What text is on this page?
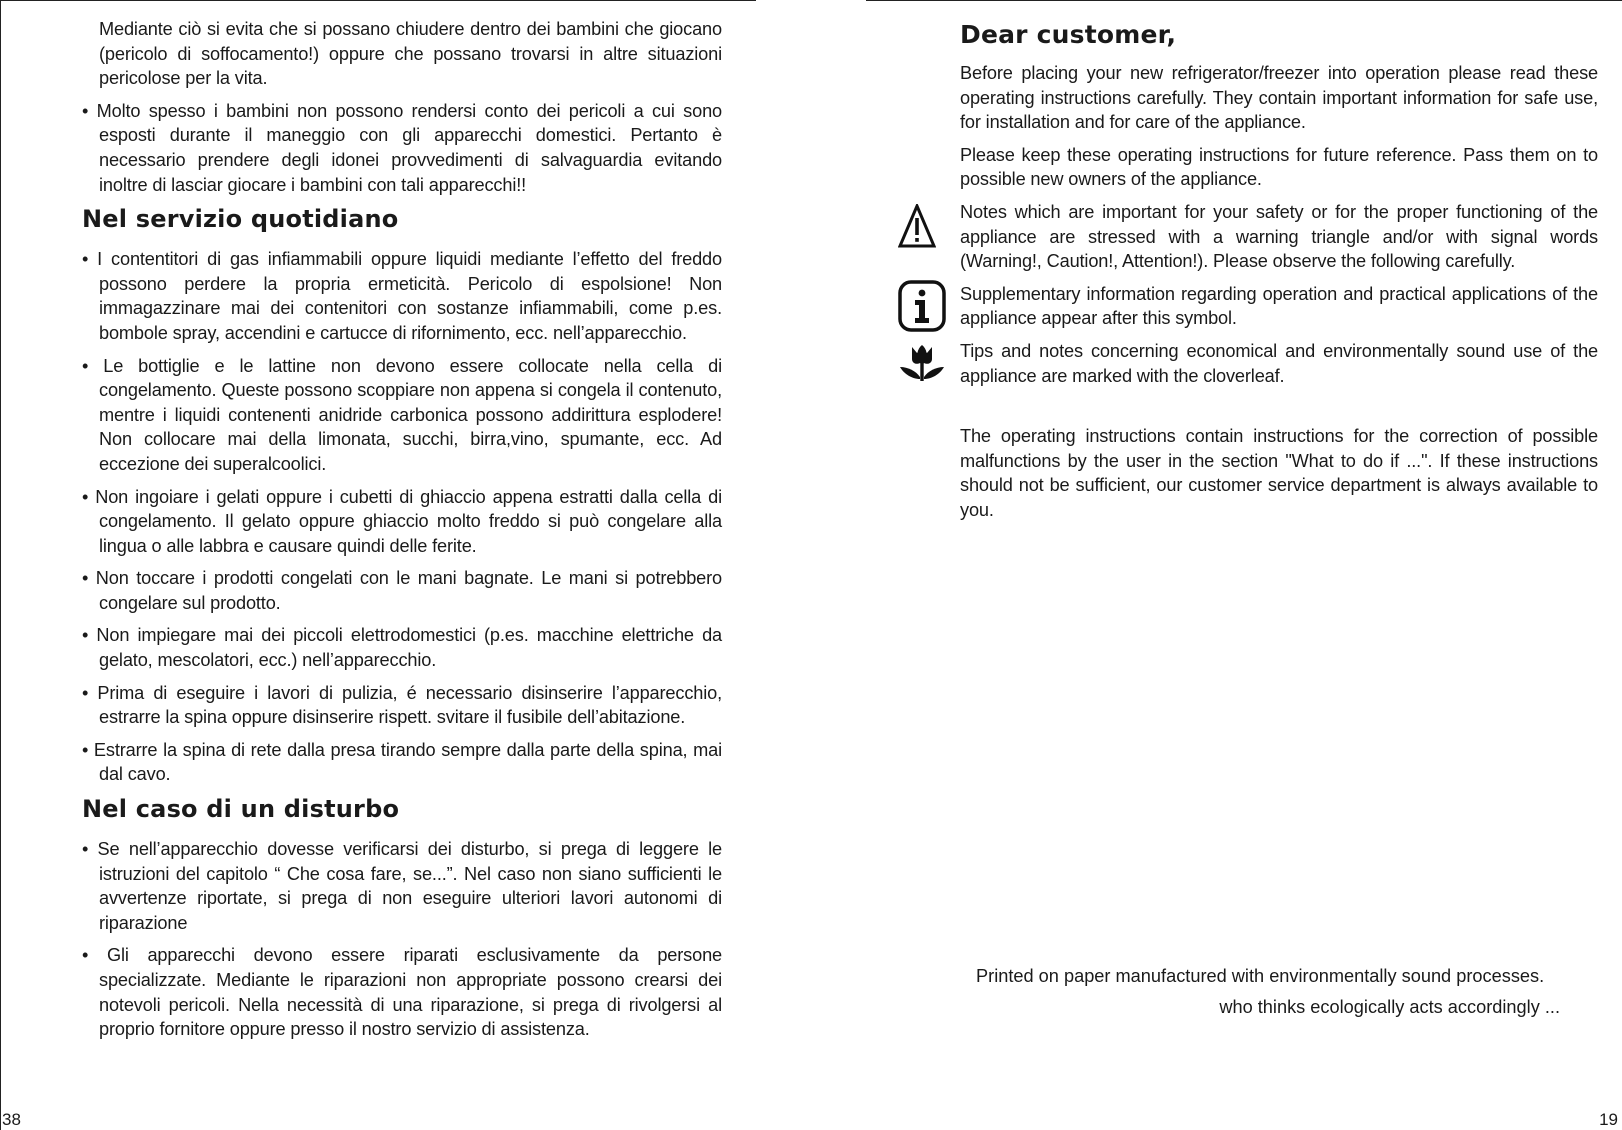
Mediante ciò si evita che si possano chiudere dentro dei bambini che giocano (pericolo di soffocamento!) oppure che possano trovarsi in altre situazioni pericolose per la vita.

• Molto spesso i bambini non possono rendersi conto dei pericoli a cui sono esposti durante il maneggio con gli apparecchi domestici. Pertanto è necessario prendere degli idonei provvedimenti di salvaguardia evitando inoltre di lasciar giocare i bambini con tali apparecchi!!

Nel servizio quotidiano

• I contentitori di gas infiammabili oppure liquidi mediante l’effetto del freddo possono perdere la propria ermeticità. Pericolo di espolsione! Non immagazzinare mai dei contenitori con sostanze infiammabili, come p.es. bombole spray, accendini e cartucce di rifornimento, ecc. nell’apparecchio.

• Le bottiglie e le lattine non devono essere collocate nella cella di congelamento. Queste possono scoppiare non appena si congela il contenuto, mentre i liquidi contenenti anidride carbonica possono addirittura esplodere! Non collocare mai della limonata, succhi, birra,vino, spumante, ecc. Ad eccezione dei superalcoolici.

• Non ingoiare i gelati oppure i cubetti di ghiaccio appena estratti dalla cella di congelamento. Il gelato oppure ghiaccio molto freddo si può congelare alla lingua o alle labbra e causare quindi delle ferite.

• Non toccare i prodotti congelati con le mani bagnate. Le mani si potrebbero congelare sul prodotto.

• Non impiegare mai dei piccoli elettrodomestici (p.es. macchine elettriche da gelato, mescolatori, ecc.) nell’apparecchio.

• Prima di eseguire i lavori di pulizia, é necessario disinserire l’apparecchio, estrarre la spina oppure disinserire rispett. svitare il fusibile dell’abitazione.

• Estrarre la spina di rete dalla presa tirando sempre dalla parte della spina, mai dal cavo.

Nel caso di un disturbo

• Se nell’apparecchio dovesse verificarsi dei disturbo, si prega di leggere le istruzioni del capitolo “ Che cosa fare, se...”. Nel caso non siano sufficienti le avvertenze riportate, si prega di non eseguire ulteriori lavori autonomi di riparazione

• Gli apparecchi devono essere riparati esclusivamente da persone specializzate. Mediante le riparazioni non appropriate possono crearsi dei notevoli pericoli. Nella necessità di una riparazione, si prega di rivolgersi al proprio fornitore oppure presso il nostro servizio di assistenza.

38
Dear customer,

Before placing your new refrigerator/freezer into operation please read these operating instructions carefully. They contain important information for safe use, for installation and for care of the appliance.

Please keep these operating instructions for future reference. Pass them on to possible new owners of the appliance.

Notes which are important for your safety or for the proper functioning of the appliance are stressed with a warning triangle and/or with signal words (Warning!, Caution!, Attention!). Please observe the following carefully.

Supplementary information regarding operation and practical applications of the appliance appear after this symbol.

Tips and notes concerning economical and environmentally sound use of the appliance are marked with the cloverleaf.

The operating instructions contain instructions for the correction of possible malfunctions by the user in the section "What to do if ...". If these instructions should not be sufficient, our customer service department is always available to you.

Printed on paper manufactured with environmentally sound processes.
who thinks ecologically acts accordingly ...
19
